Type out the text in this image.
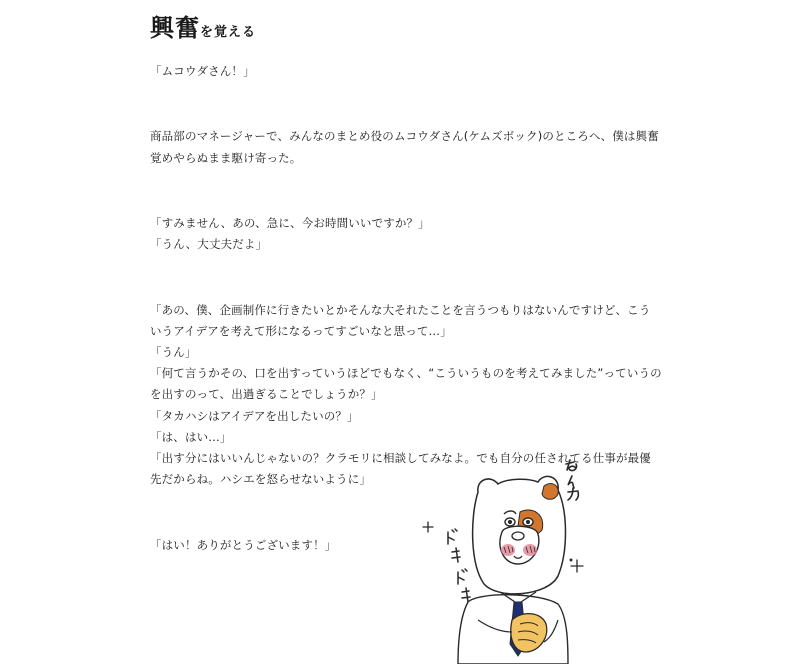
興奮を覚える

「ムコウダさん！」

商品部のマネージャーで、みんなのまとめ役のムコウダさん(ケムズボック)のところへ、僕は興奮覚めやらぬまま駆け寄った。

「すみません、あの、急に、今お時間いいですか？」

「うん、大丈夫だよ」

「あの、僕、企画制作に行きたいとかそんな大それたことを言うつもりはないんですけど、こういうアイデアを考えて形になるってすごいなと思って…」

「うん」

「何て言うかその、口を出すっていうほどでもなく、“こういうものを考えてみました”っていうのを出すのって、出過ぎることでしょうか？」

「タカハシはアイデアを出したいの？」

「は、はい…」

「出す分にはいいんじゃないの？クラモリに相談してみなよ。でも自分の任されてる仕事が最優先だからね。ハシエを怒らせないように」

「はい！ありがとうございます！」
